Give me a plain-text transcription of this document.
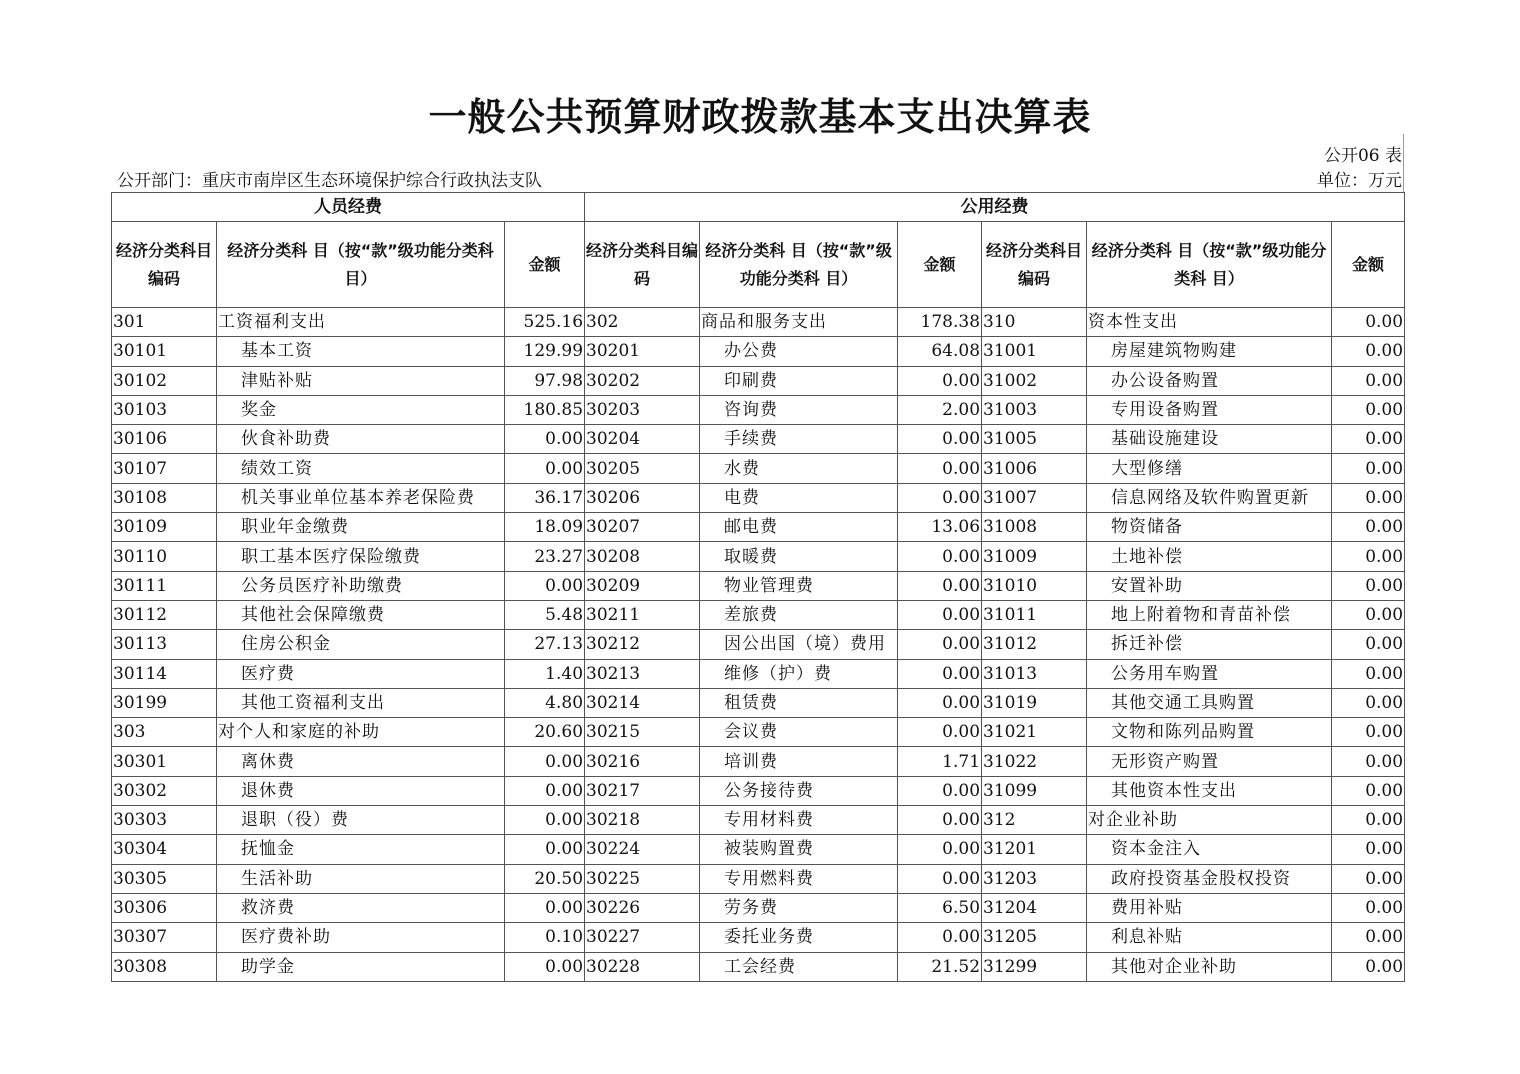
一般公共预算财政拨款基本支出决算表
公开06 表
公开部门：重庆市南岸区生态环境保护综合行政执法支队	单位：万元
人员经费			公用经费					
经济分类科目编码	经济分类科 目（按“款”级功能分类科 目）	金额	经济分类科目编码	经济分类科 目（按“款”级功能分类科 目）	金额	经济分类科目编码	经济分类科 目（按“款”级功能分类科 目）	金额
301	工资福利支出	525.16	302	商品和服务支出	178.38	310	资本性支出	0.00
30101	基本工资	129.99	30201	办公费	64.08	31001	房屋建筑物购建	0.00
30102	津贴补贴	97.98	30202	印刷费	0.00	31002	办公设备购置	0.00
30103	奖金	180.85	30203	咨询费	2.00	31003	专用设备购置	0.00
30106	伙食补助费	0.00	30204	手续费	0.00	31005	基础设施建设	0.00
30107	绩效工资	0.00	30205	水费	0.00	31006	大型修缮	0.00
30108	机关事业单位基本养老保险费	36.17	30206	电费	0.00	31007	信息网络及软件购置更新	0.00
30109	职业年金缴费	18.09	30207	邮电费	13.06	31008	物资储备	0.00
30110	职工基本医疗保险缴费	23.27	30208	取暖费	0.00	31009	土地补偿	0.00
30111	公务员医疗补助缴费	0.00	30209	物业管理费	0.00	31010	安置补助	0.00
30112	其他社会保障缴费	5.48	30211	差旅费	0.00	31011	地上附着物和青苗补偿	0.00
30113	住房公积金	27.13	30212	因公出国（境）费用	0.00	31012	拆迁补偿	0.00
30114	医疗费	1.40	30213	维修（护）费	0.00	31013	公务用车购置	0.00
30199	其他工资福利支出	4.80	30214	租赁费	0.00	31019	其他交通工具购置	0.00
303	对个人和家庭的补助	20.60	30215	会议费	0.00	31021	文物和陈列品购置	0.00
30301	离休费	0.00	30216	培训费	1.71	31022	无形资产购置	0.00
30302	退休费	0.00	30217	公务接待费	0.00	31099	其他资本性支出	0.00
30303	退职（役）费	0.00	30218	专用材料费	0.00	312	对企业补助	0.00
30304	抚恤金	0.00	30224	被装购置费	0.00	31201	资本金注入	0.00
30305	生活补助	20.50	30225	专用燃料费	0.00	31203	政府投资基金股权投资	0.00
30306	救济费	0.00	30226	劳务费	6.50	31204	费用补贴	0.00
30307	医疗费补助	0.10	30227	委托业务费	0.00	31205	利息补贴	0.00
30308	助学金	0.00	30228	工会经费	21.52	31299	其他对企业补助	0.00
